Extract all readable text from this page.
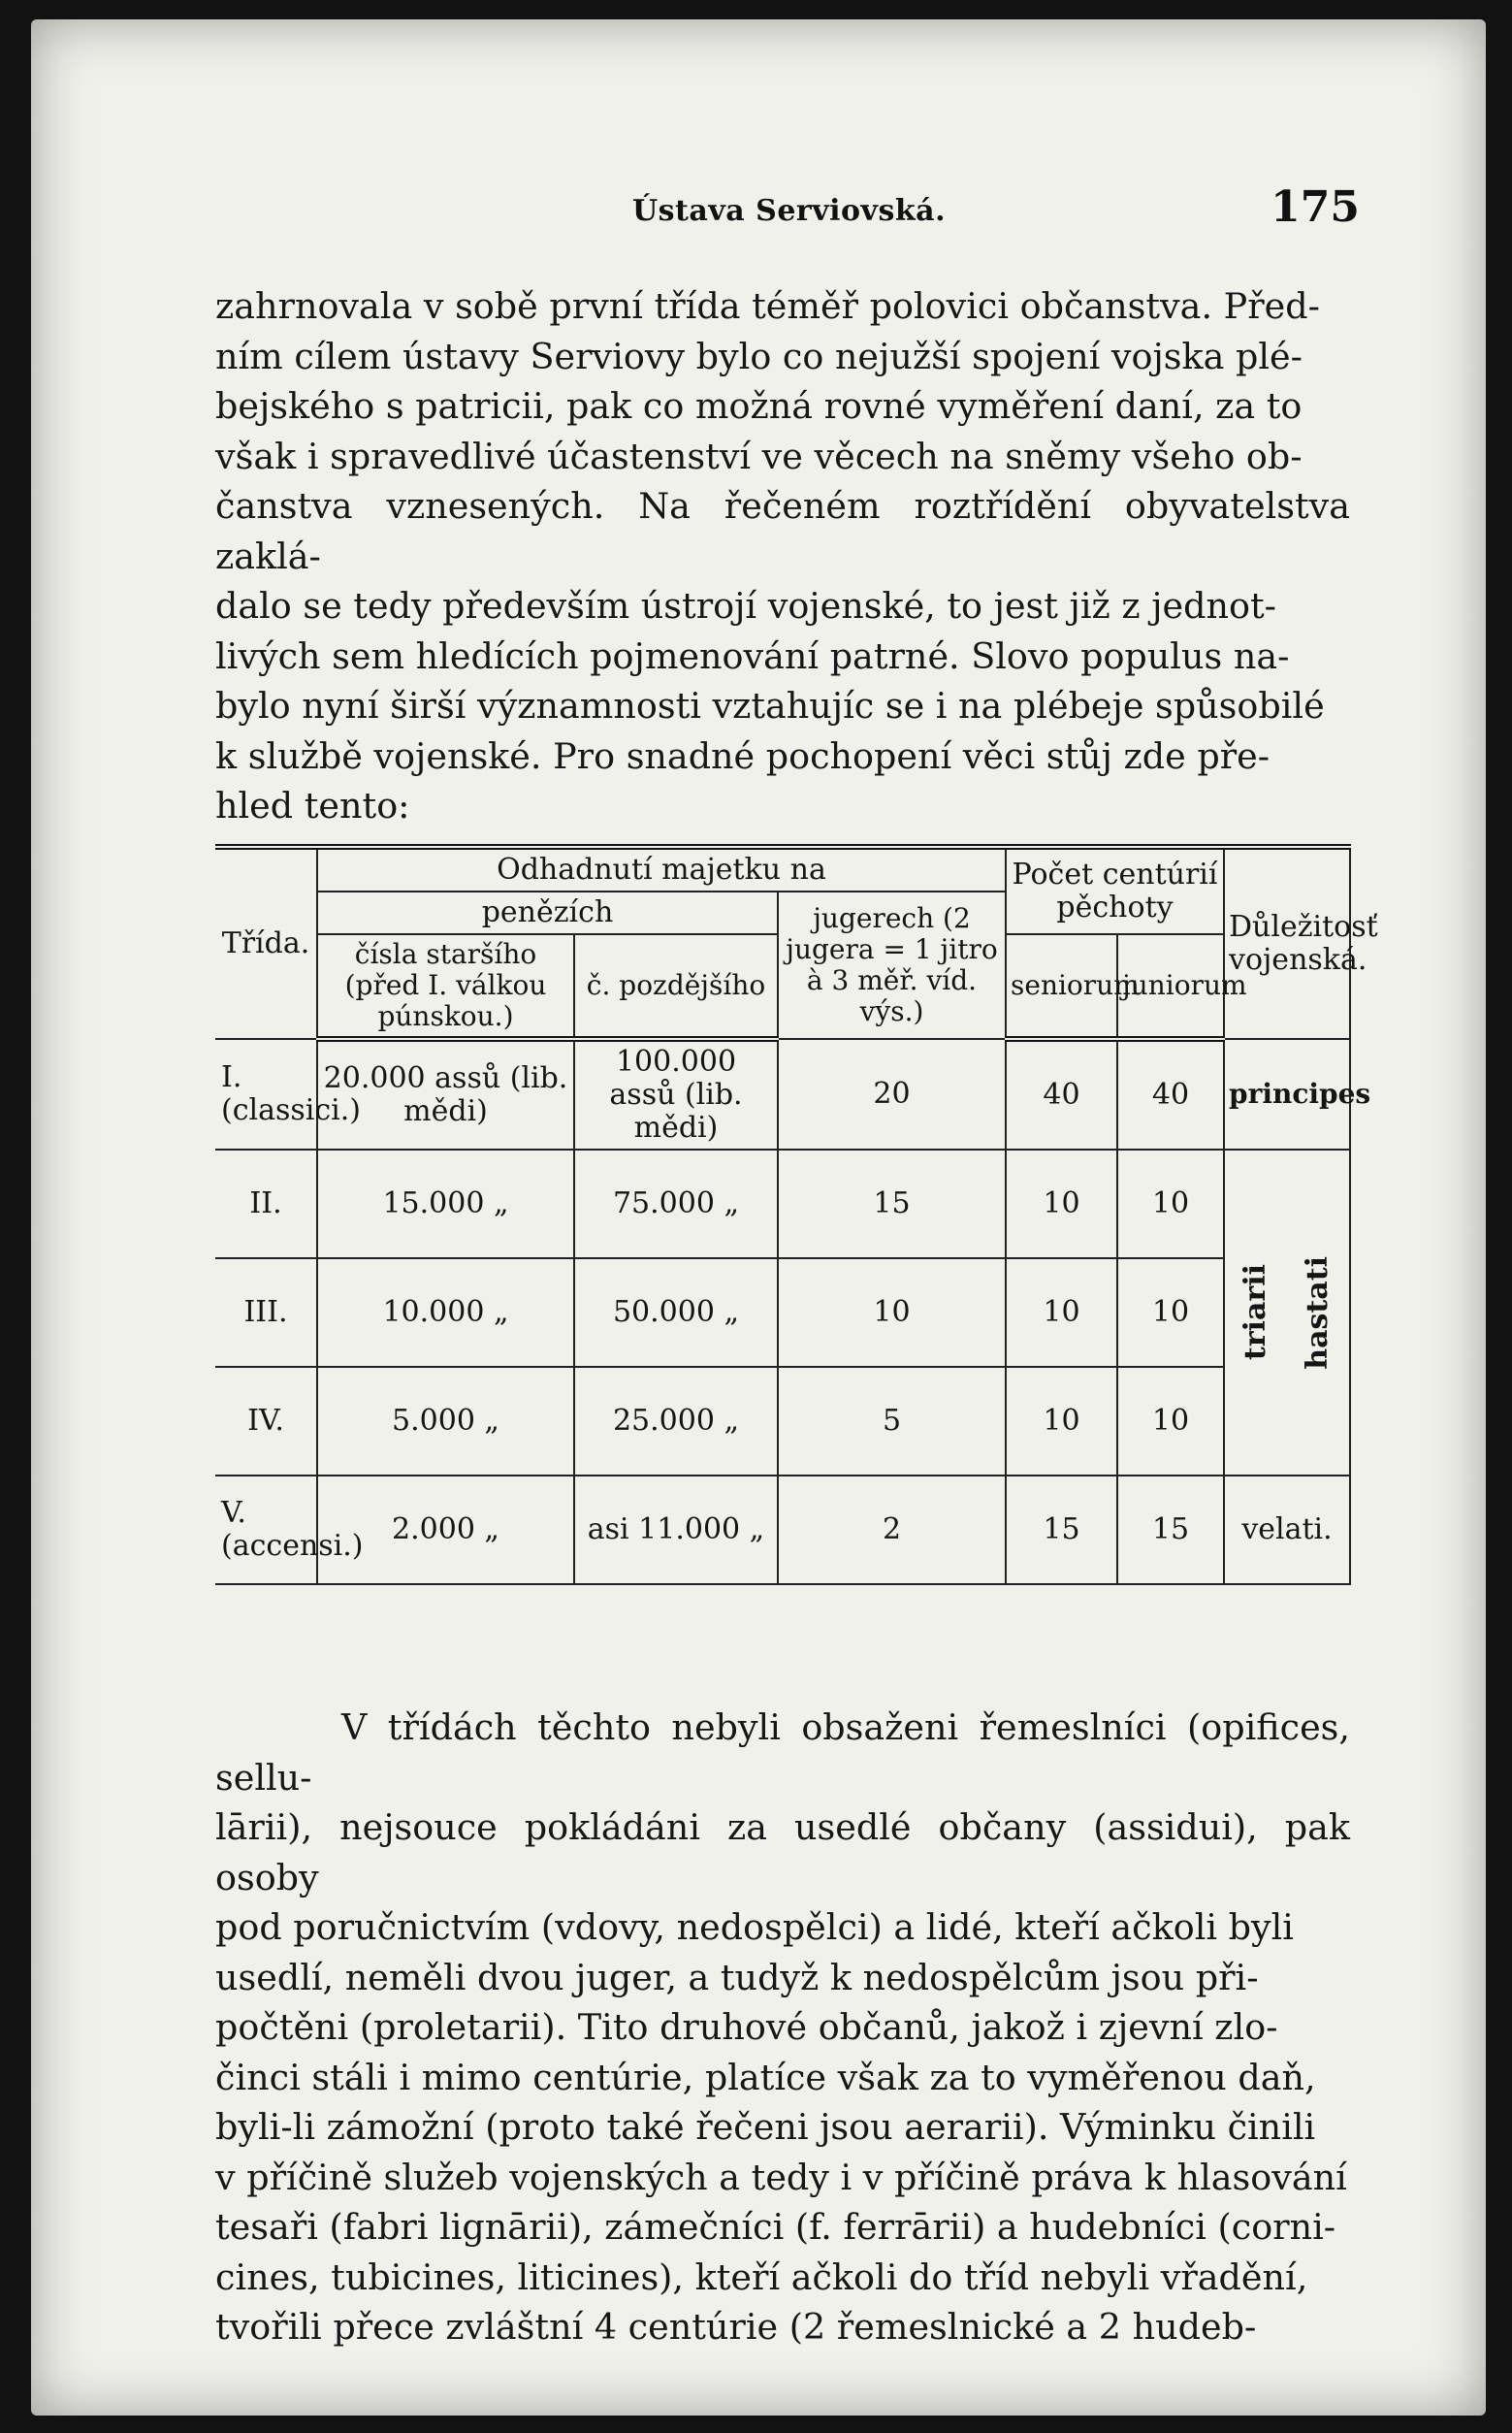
Ústava Serviovská.	175
zahrnovala v sobě první třída téměř polovici občanstva. Před-
ním cílem ústavy Serviovy bylo co nejužší spojení vojska plé-
bejského s patricii, pak co možná rovné vyměření daní, za to
však i spravedlivé účastenství ve věcech na sněmy všeho ob-
čanstva vznesených. Na řečeném roztřídění obyvatelstva zaklá-
dalo se tedy především ústrojí vojenské, to jest již z jednot-
livých sem hledících pojmenování patrné. Slovo populus na-
bylo nyní širší významnosti vztahujíc se i na plébeje spůsobilé
k službě vojenské. Pro snadné pochopení věci stůj zde pře-
hled tento:
Třída.	Odhadnutí majetku na			Počet centúrií pěchoty		Důležitosť vojenská.
	penězích		jugerech (2 jugera = 1 jitro à 3 měř. víd. výs.)			
	čísla staršího (před I. válkou púnskou.)	č. pozdějšího		seniorum	juniorum	
I. (classici.)	20.000 assů (lib. mědi)	100.000 assů (lib. mědi)	20	40	40	principes
II.	15.000 „	75.000 „	15	10	10	triarii hastati

III.	10.000 „	50.000 „	10	10	10	
IV.	5.000 „	25.000 „	5	10	10	
V. (accensi.)	2.000 „	asi 11.000 „	2	15	15	velati.
V třídách těchto nebyli obsaženi řemeslníci (opifices, sellu-
lārii), nejsouce pokládáni za usedlé občany (assidui), pak osoby
pod poručnictvím (vdovy, nedospělci) a lidé, kteří ačkoli byli
usedlí, neměli dvou juger, a tudyž k nedospělcům jsou při-
počtěni (proletarii). Tito druhové občanů, jakož i zjevní zlo-
činci stáli i mimo centúrie, platíce však za to vyměřenou daň,
byli-li zámožní (proto také řečeni jsou aerarii). Výminku činili
v příčině služeb vojenských a tedy i v příčině práva k hlasování
tesaři (fabri lignārii), zámečníci (f. ferrārii) a hudebníci (corni-
cines, tubicines, liticines), kteří ačkoli do tříd nebyli vřadění,
tvořili přece zvláštní 4 centúrie (2 řemeslnické a 2 hudeb-
